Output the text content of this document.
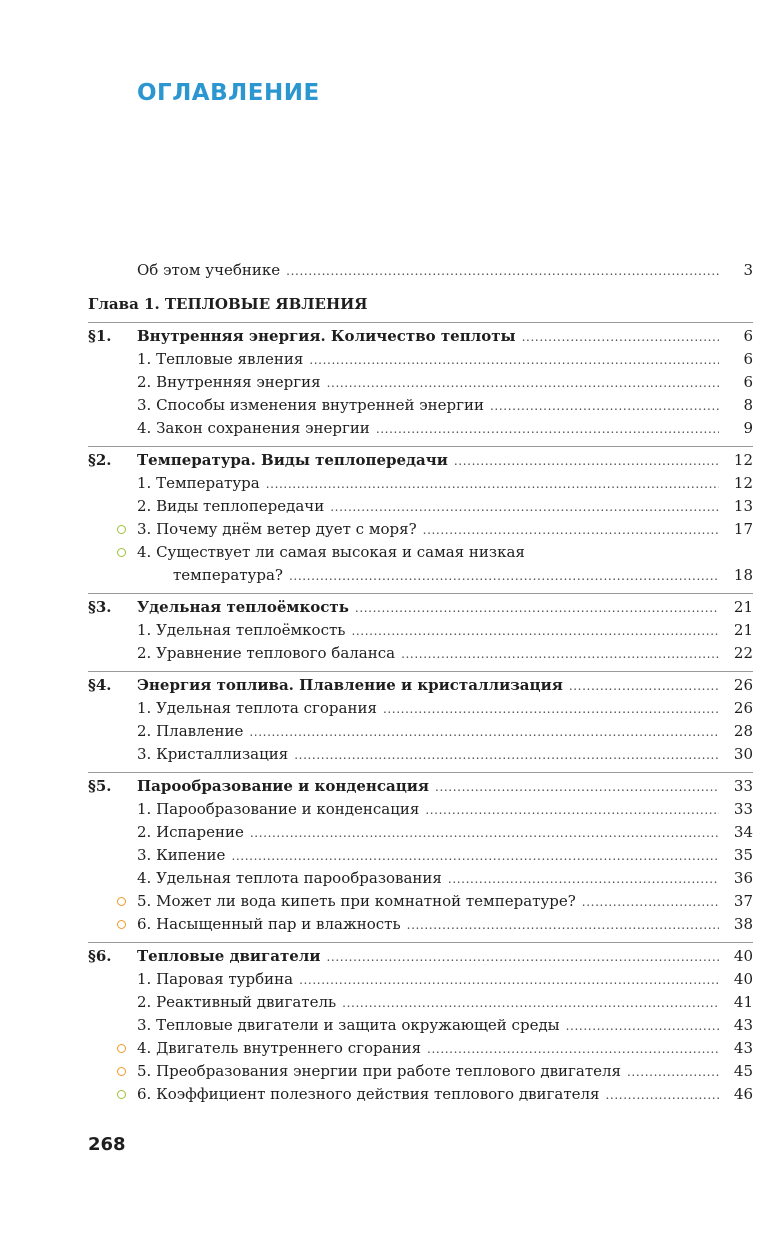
ОГЛАВЛЕНИЕ
Об этом учебнике . . .	3
Глава 1. ТЕПЛОВЫЕ ЯВЛЕНИЯ
§1. Внутренняя энергия. Количество теплоты . . .	6
1. Тепловые явления . . .	6
2. Внутренняя энергия . . .	6
3. Способы изменения внутренней энергии . . .	8
4. Закон сохранения энергии . . .	9
§2. Температура. Виды теплопередачи . . .	12
1. Температура . . .	12
2. Виды теплопередачи . . .	13
3. Почему днём ветер дует с моря? . . .	17
4. Существует ли самая высокая и самая низкая
температура? . . .	18
§3. Удельная теплоёмкость . . .	21
1. Удельная теплоёмкость . . .	21
2. Уравнение теплового баланса . . .	22
§4. Энергия топлива. Плавление и кристаллизация . . .	26
1. Удельная теплота сгорания . . .	26
2. Плавление . . .	28
3. Кристаллизация . . .	30
§5. Парообразование и конденсация . . .	33
1. Парообразование и конденсация . . .	33
2. Испарение . . .	34
3. Кипение . . .	35
4. Удельная теплота парообразования . . .	36
5. Может ли вода кипеть при комнатной температуре? . . .	37
6. Насыщенный пар и влажность . . .	38
§6. Тепловые двигатели . . .	40
1. Паровая турбина . . .	40
2. Реактивный двигатель . . .	41
3. Тепловые двигатели и защита окружающей среды . . .	43
4. Двигатель внутреннего сгорания . . .	43
5. Преобразования энергии при работе теплового двигателя . . .	45
6. Коэффициент полезного действия теплового двигателя . . .	46
268
